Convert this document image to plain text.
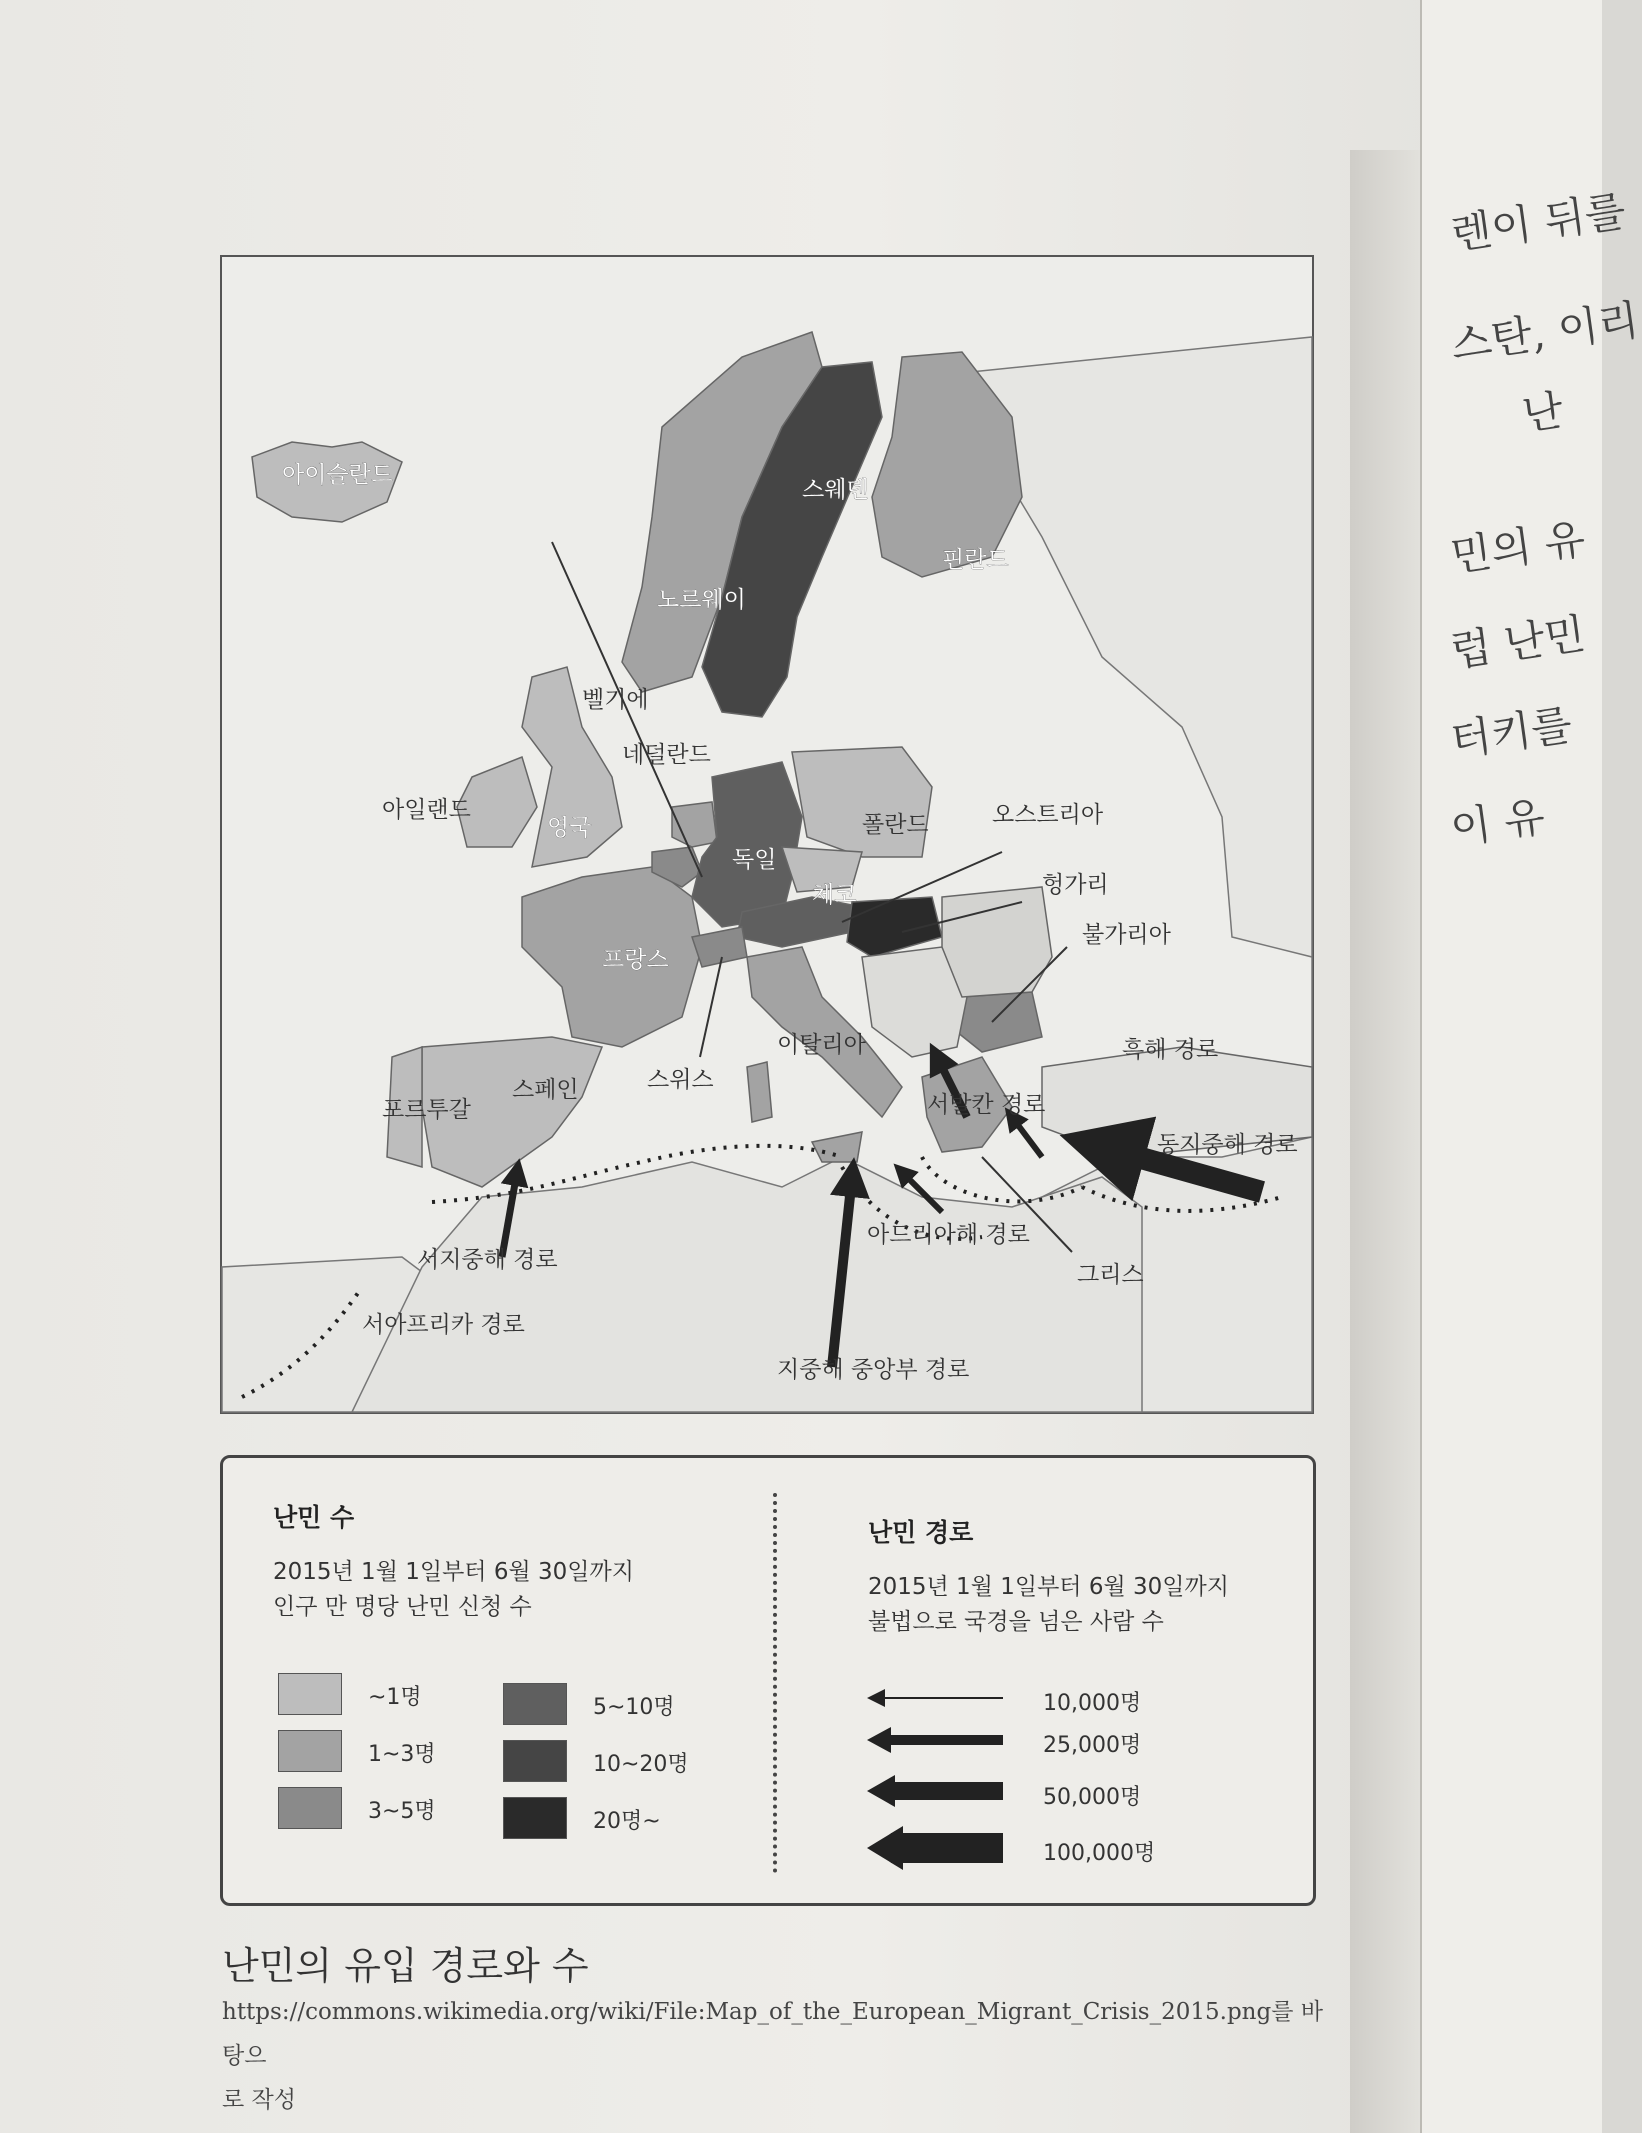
렌이 뒤를
스탄, 이리
난
민의 유
럽 난민
터키를
이 유
아이슬란드
노르웨이
스웨덴
핀란드
아일랜드
영국
벨기에
네덜란드
독일
폴란드
체코
오스트리아
헝가리
불가리아
프랑스
스위스
이탈리아
스페인
포르투갈
그리스
흑해 경로
동지중해 경로
서발칸 경로
아드리아해 경로
지중해 중앙부 경로
서지중해 경로
서아프리카 경로
난민 수
2015년 1월 1일부터 6월 30일까지
인구 만 명당 난민 신청 수
~1명
1~3명
3~5명
5~10명
10~20명
20명~
난민 경로
2015년 1월 1일부터 6월 30일까지
불법으로 국경을 넘은 사람 수
10,000명
25,000명
50,000명
100,000명
난민의 유입 경로와 수
https://commons.wikimedia.org/wiki/File:Map_of_the_European_Migrant_Crisis_2015.png를 바탕으
로 작성
